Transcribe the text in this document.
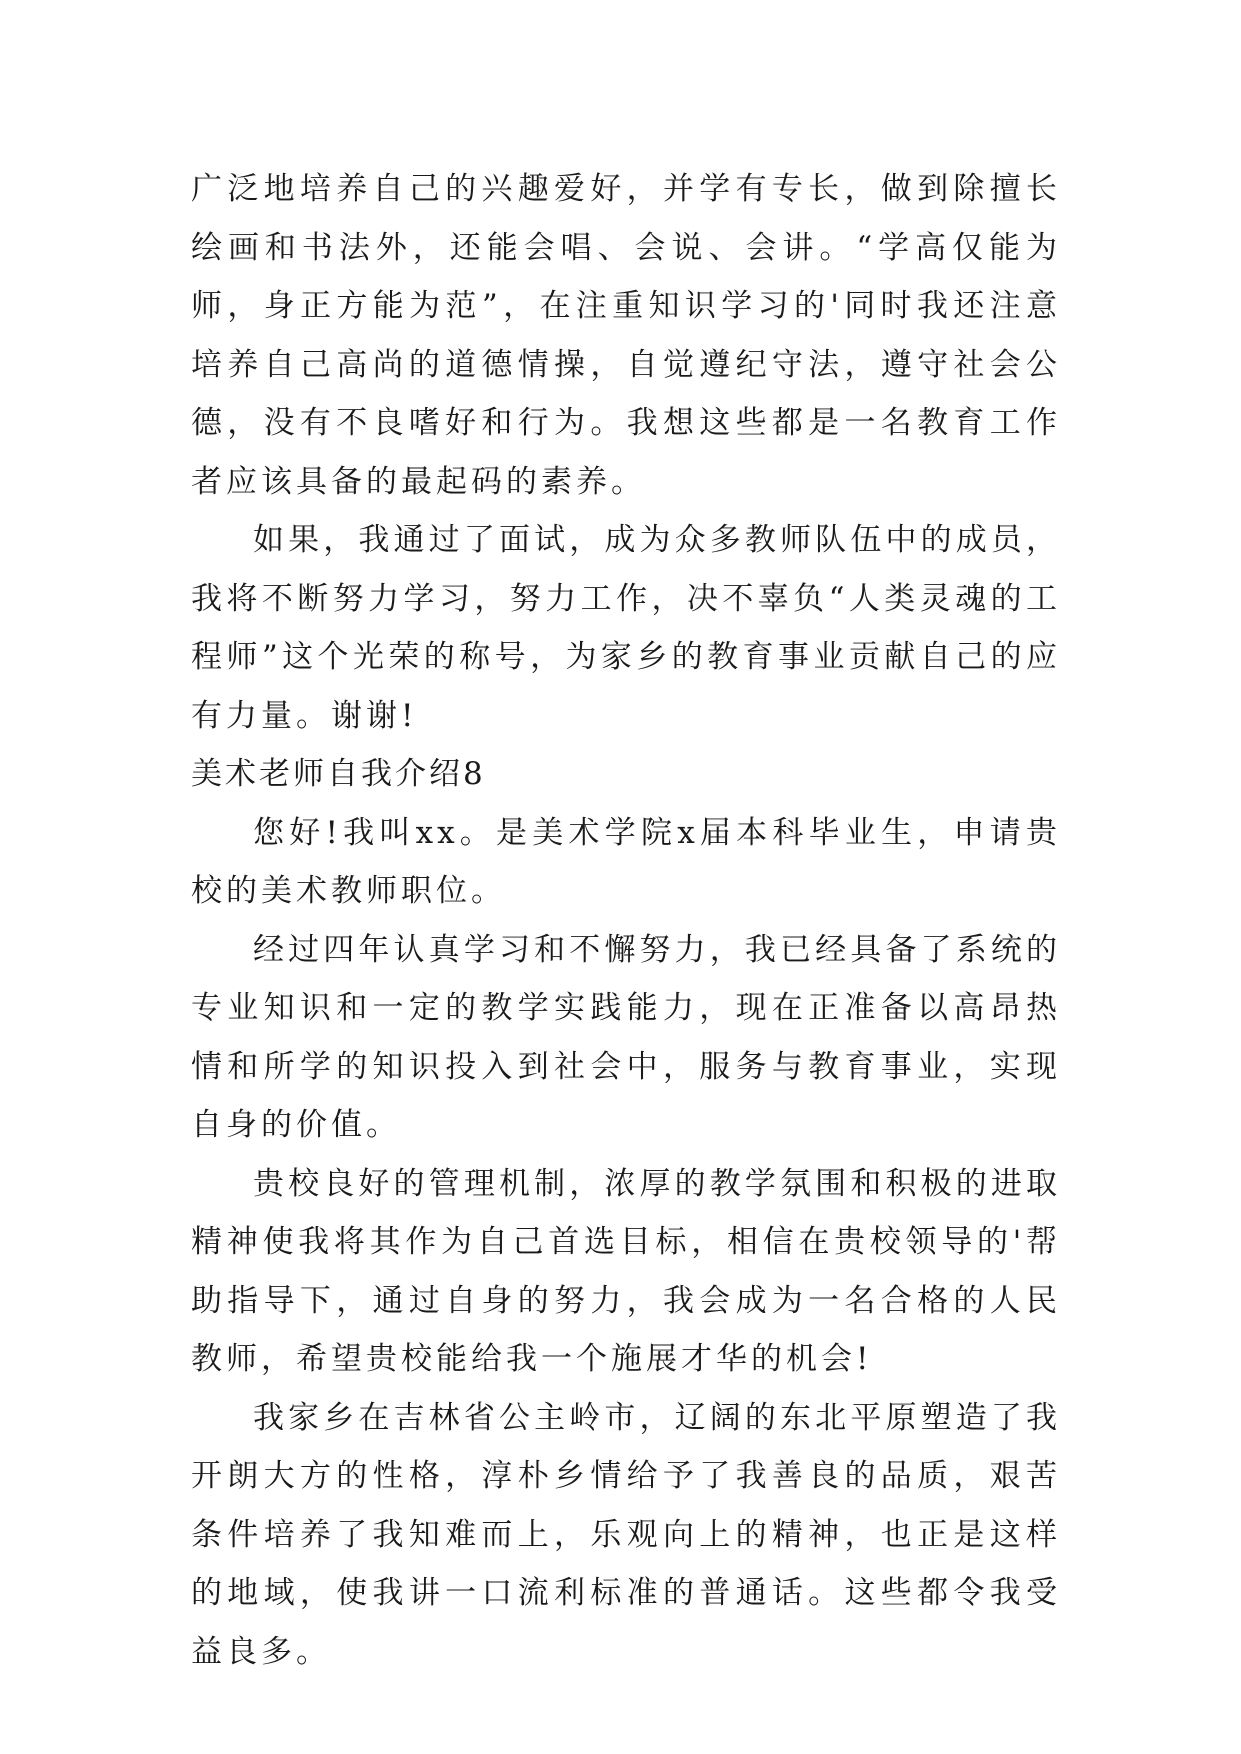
广泛地培养自己的兴趣爱好，并学有专长，做到除擅长绘画和书法外，还能会唱、会说、会讲。“学高仅能为师，身正方能为范”，在注重知识学习的'同时我还注意培养自己高尚的道德情操，自觉遵纪守法，遵守社会公德，没有不良嗜好和行为。我想这些都是一名教育工作者应该具备的最起码的素养。

如果，我通过了面试，成为众多教师队伍中的成员，我将不断努力学习，努力工作，决不辜负“人类灵魂的工程师”这个光荣的称号，为家乡的教育事业贡献自己的应有力量。谢谢!

美术老师自我介绍8

您好!我叫xx。是美术学院x届本科毕业生，申请贵校的美术教师职位。

经过四年认真学习和不懈努力，我已经具备了系统的专业知识和一定的教学实践能力，现在正准备以高昂热情和所学的知识投入到社会中，服务与教育事业，实现自身的价值。

贵校良好的管理机制，浓厚的教学氛围和积极的进取精神使我将其作为自己首选目标，相信在贵校领导的'帮助指导下，通过自身的努力，我会成为一名合格的人民教师，希望贵校能给我一个施展才华的机会!

我家乡在吉林省公主岭市，辽阔的东北平原塑造了我开朗大方的性格，淳朴乡情给予了我善良的品质，艰苦条件培养了我知难而上，乐观向上的精神，也正是这样的地域，使我讲一口流利标准的普通话。这些都令我受益良多。
